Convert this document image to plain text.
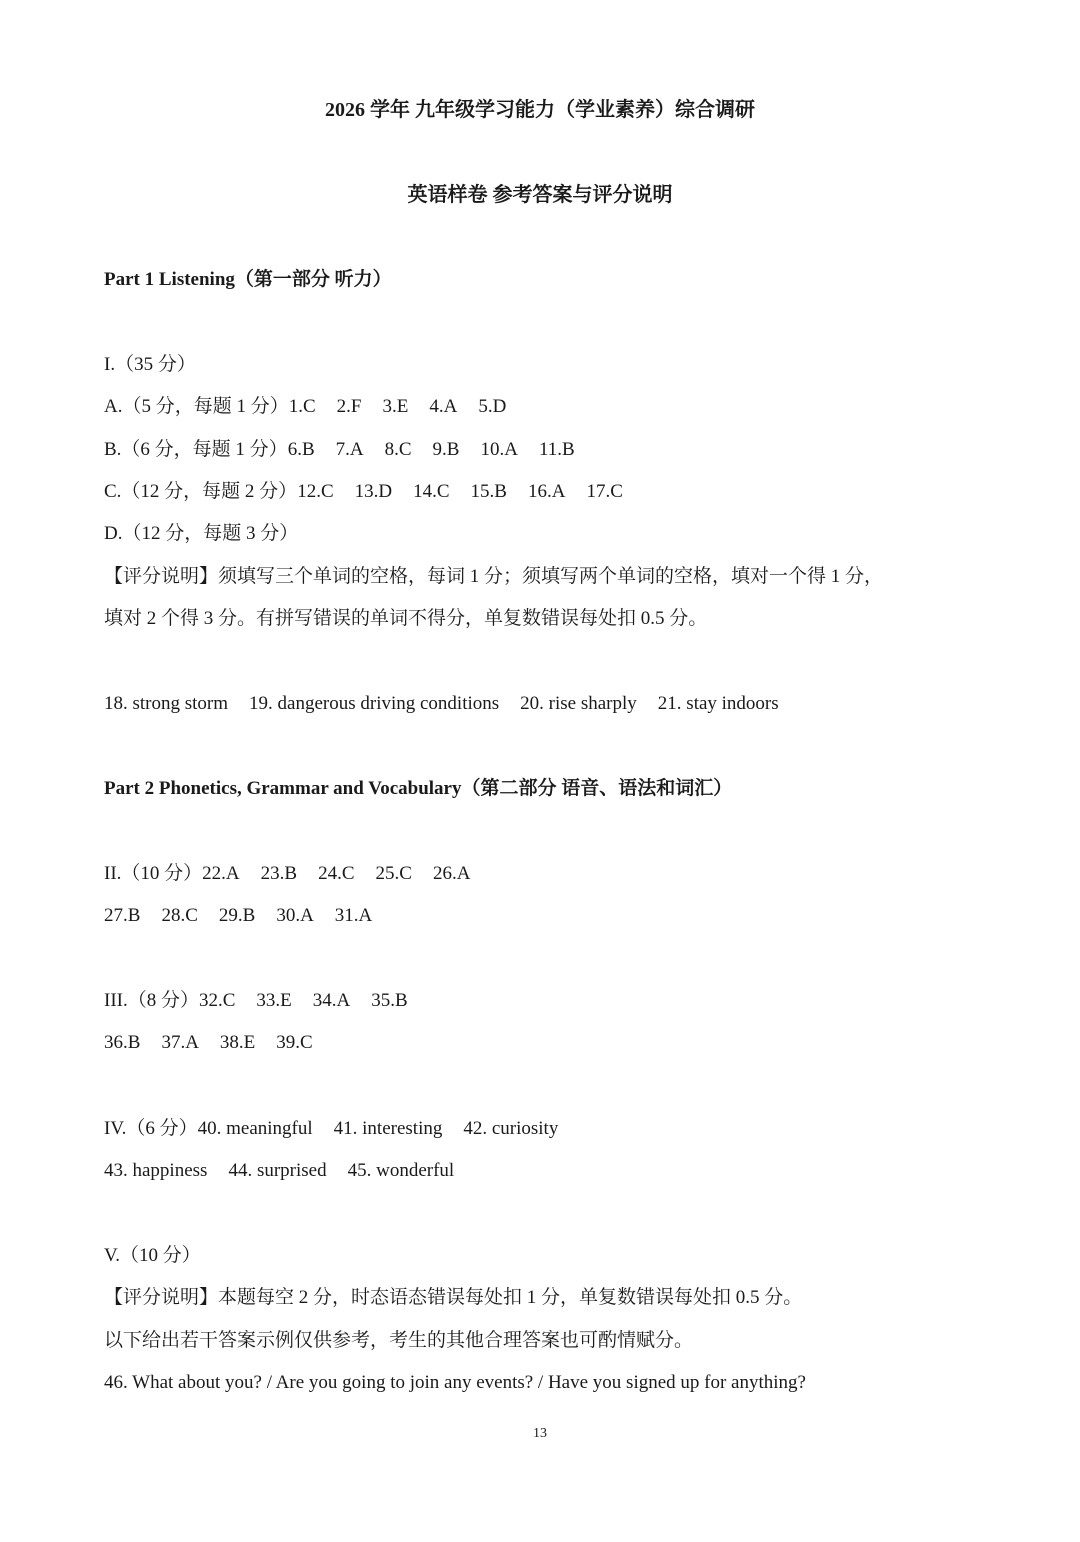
2026 学年 九年级学习能力（学业素养）综合调研
英语样卷 参考答案与评分说明
Part 1 Listening（第一部分 听力）
I.（35 分）
A.（5 分，每题 1 分）1.C 2.F 3.E 4.A 5.D
B.（6 分，每题 1 分）6.B 7.A 8.C 9.B 10.A 11.B
C.（12 分，每题 2 分）12.C 13.D 14.C 15.B 16.A 17.C
D.（12 分，每题 3 分）
【评分说明】须填写三个单词的空格，每词 1 分；须填写两个单词的空格，填对一个得 1 分，
填对 2 个得 3 分。有拼写错误的单词不得分，单复数错误每处扣 0.5 分。
18. strong storm 19. dangerous driving conditions 20. rise sharply 21. stay indoors
Part 2 Phonetics, Grammar and Vocabulary（第二部分 语音、语法和词汇）
II.（10 分）22.A 23.B 24.C 25.C 26.A
27.B 28.C 29.B 30.A 31.A
III.（8 分）32.C 33.E 34.A 35.B
36.B 37.A 38.E 39.C
IV.（6 分）40. meaningful 41. interesting 42. curiosity
43. happiness 44. surprised 45. wonderful
V.（10 分）
【评分说明】本题每空 2 分，时态语态错误每处扣 1 分，单复数错误每处扣 0.5 分。
以下给出若干答案示例仅供参考，考生的其他合理答案也可酌情赋分。
46. What about you? / Are you going to join any events? / Have you signed up for anything?
13
